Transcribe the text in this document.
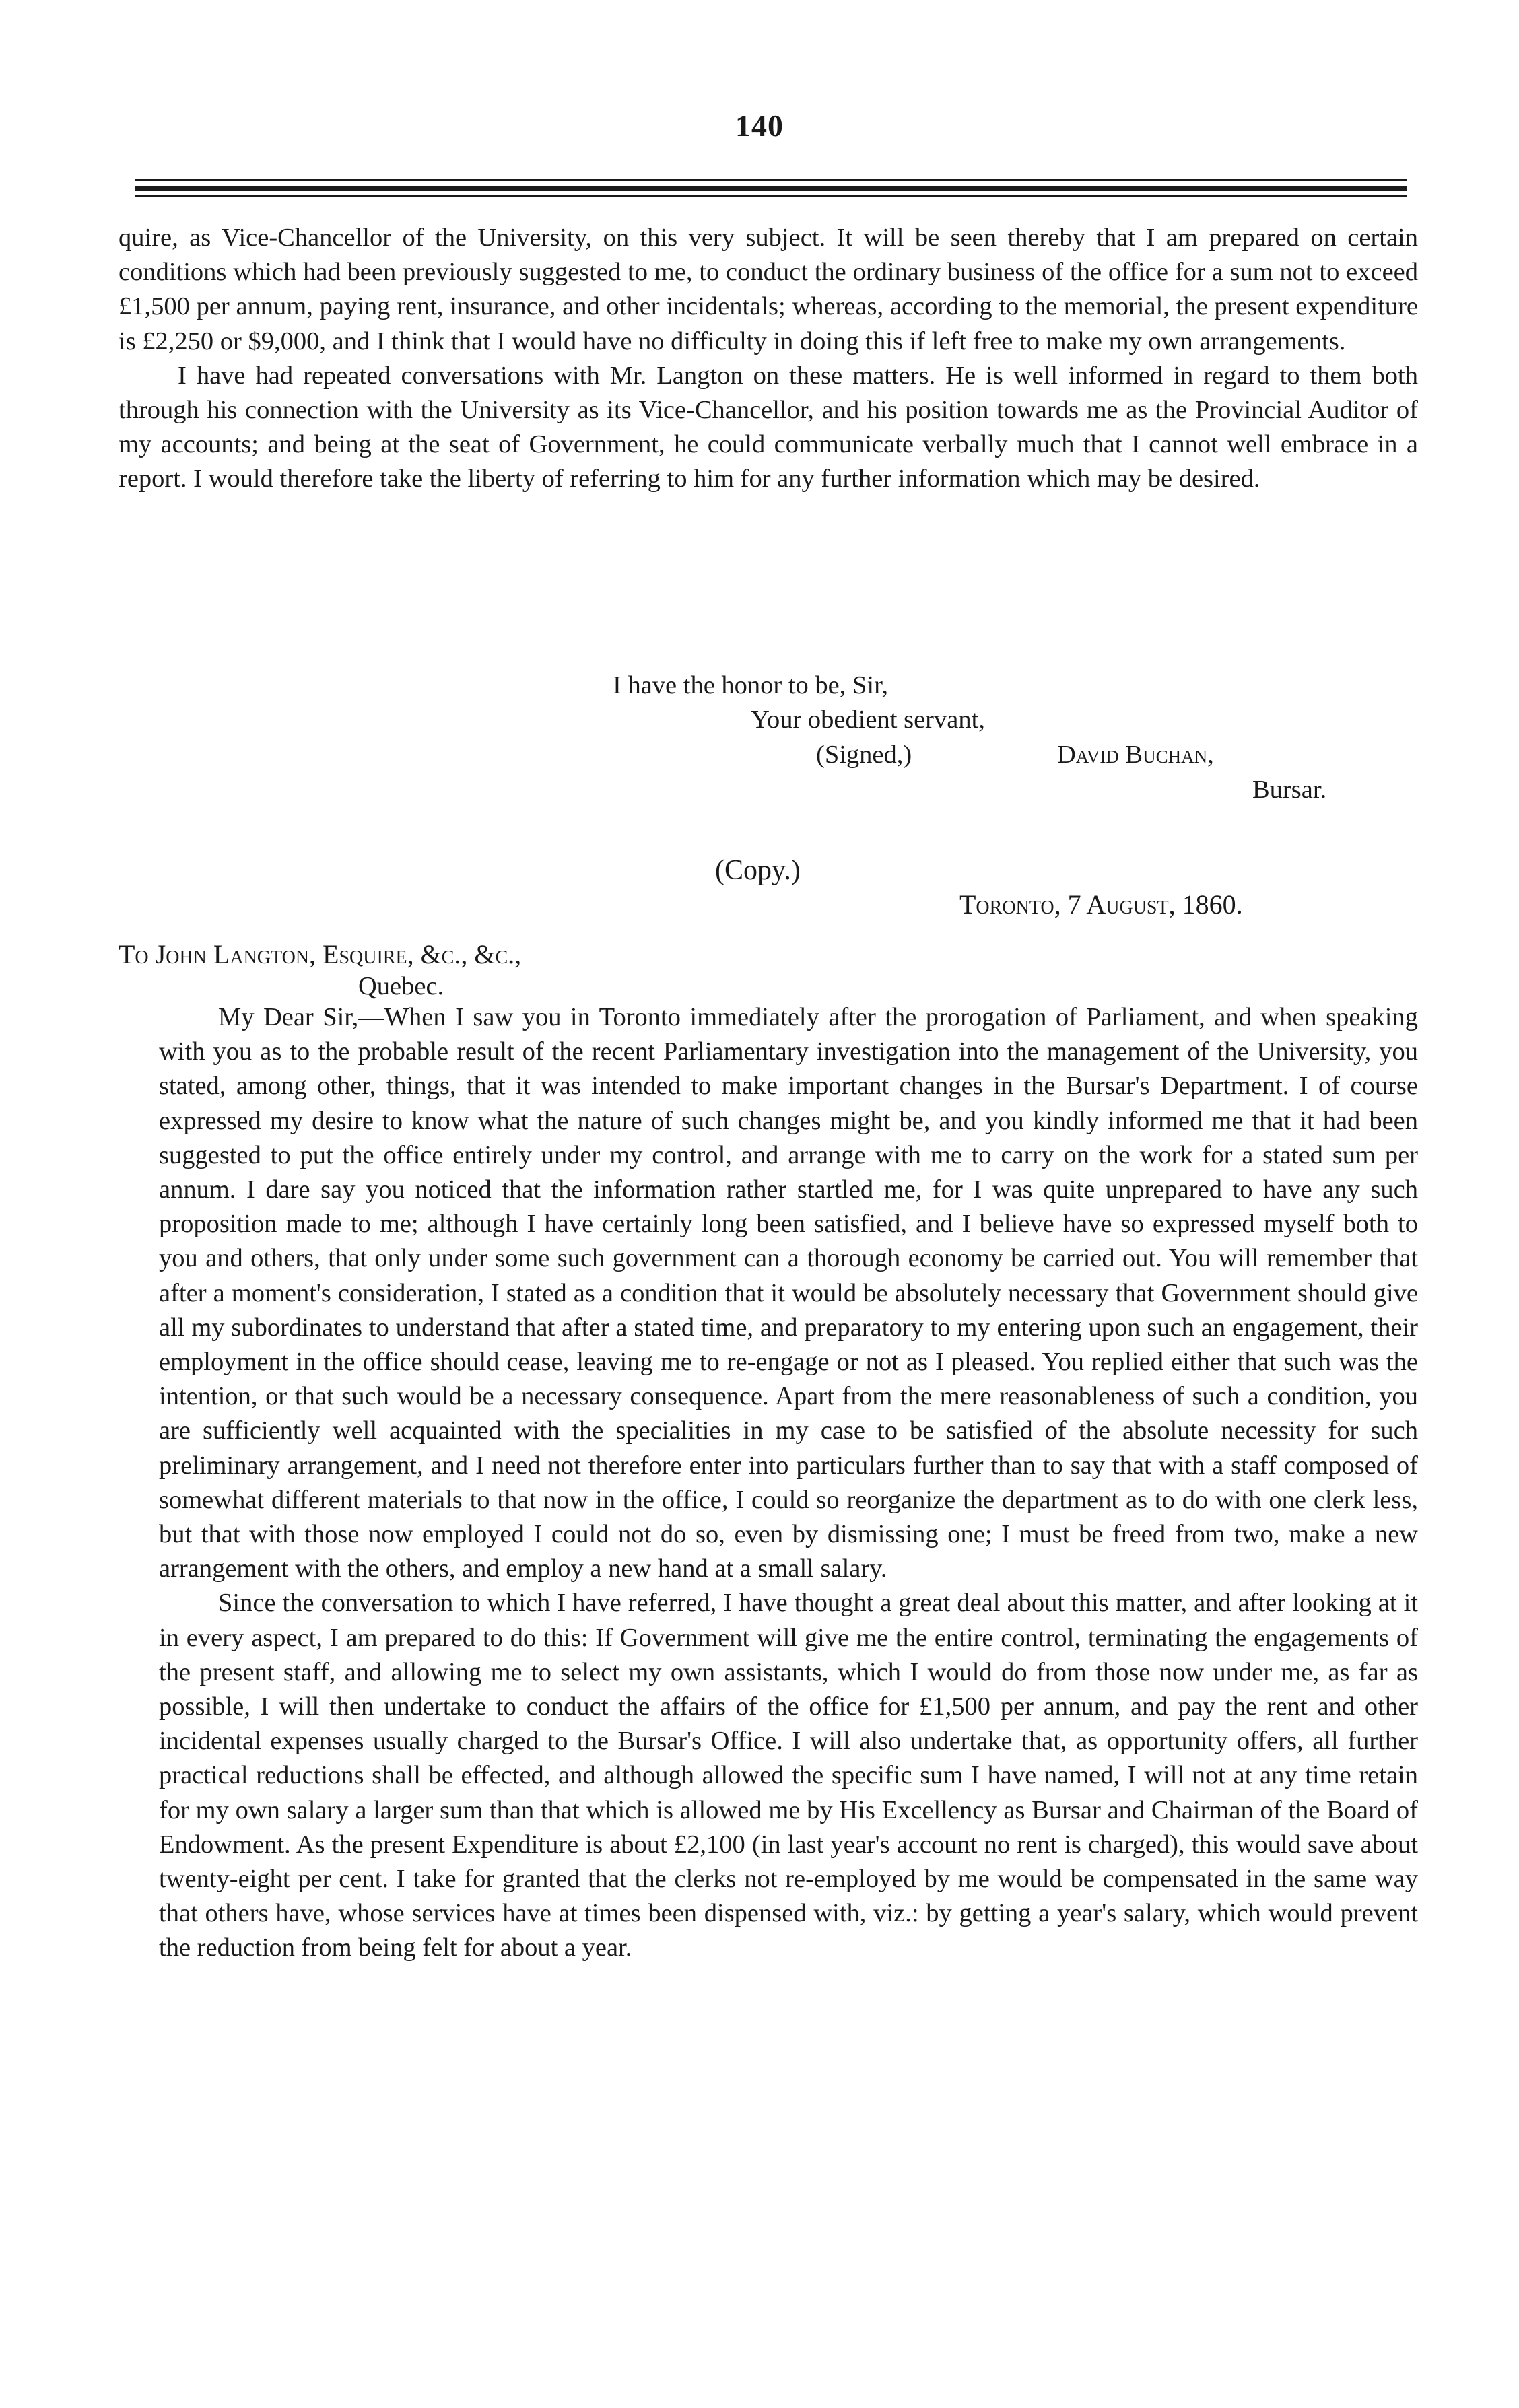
140

quire, as Vice-Chancellor of the University, on this very subject. It will be seen thereby that I am prepared on certain conditions which had been previously suggested to me, to conduct the ordinary business of the office for a sum not to exceed £1,500 per annum, paying rent, insurance, and other incidentals; whereas, according to the memorial, the present expenditure is £2,250 or $9,000, and I think that I would have no difficulty in doing this if left free to make my own arrangements.

I have had repeated conversations with Mr. Langton on these matters. He is well informed in regard to them both through his connection with the University as its Vice-Chancellor, and his position towards me as the Provincial Auditor of my accounts; and being at the seat of Government, he could communicate verbally much that I cannot well embrace in a report. I would therefore take the liberty of referring to him for any further information which may be desired.

I have the honor to be, Sir,
Your obedient servant,
(Signed,)	David Buchan,
Bursar.
(Copy.)
Toronto, 7 August, 1860.
To John Langton, Esquire, &c., &c.,
Quebec.

My Dear Sir,—When I saw you in Toronto immediately after the prorogation of Parliament, and when speaking with you as to the probable result of the recent Parliamentary investigation into the management of the University, you stated, among other, things, that it was intended to make important changes in the Bursar's Department. I of course expressed my desire to know what the nature of such changes might be, and you kindly informed me that it had been suggested to put the office entirely under my control, and arrange with me to carry on the work for a stated sum per annum. I dare say you noticed that the information rather startled me, for I was quite unprepared to have any such proposition made to me; although I have certainly long been satisfied, and I believe have so expressed myself both to you and others, that only under some such government can a thorough economy be carried out. You will remember that after a moment's consideration, I stated as a condition that it would be absolutely necessary that Government should give all my subordinates to understand that after a stated time, and preparatory to my entering upon such an engagement, their employment in the office should cease, leaving me to re-engage or not as I pleased. You replied either that such was the intention, or that such would be a necessary consequence. Apart from the mere reasonableness of such a condition, you are sufficiently well acquainted with the specialities in my case to be satisfied of the absolute necessity for such preliminary arrangement, and I need not therefore enter into particulars further than to say that with a staff composed of somewhat different materials to that now in the office, I could so reorganize the department as to do with one clerk less, but that with those now employed I could not do so, even by dismissing one; I must be freed from two, make a new arrangement with the others, and employ a new hand at a small salary.

Since the conversation to which I have referred, I have thought a great deal about this matter, and after looking at it in every aspect, I am prepared to do this: If Government will give me the entire control, terminating the engagements of the present staff, and allowing me to select my own assistants, which I would do from those now under me, as far as possible, I will then undertake to conduct the affairs of the office for £1,500 per annum, and pay the rent and other incidental expenses usually charged to the Bursar's Office. I will also undertake that, as opportunity offers, all further practical reductions shall be effected, and although allowed the specific sum I have named, I will not at any time retain for my own salary a larger sum than that which is allowed me by His Excellency as Bursar and Chairman of the Board of Endowment. As the present Expenditure is about £2,100 (in last year's account no rent is charged), this would save about twenty-eight per cent. I take for granted that the clerks not re-employed by me would be compensated in the same way that others have, whose services have at times been dispensed with, viz.: by getting a year's salary, which would prevent the reduction from being felt for about a year.
